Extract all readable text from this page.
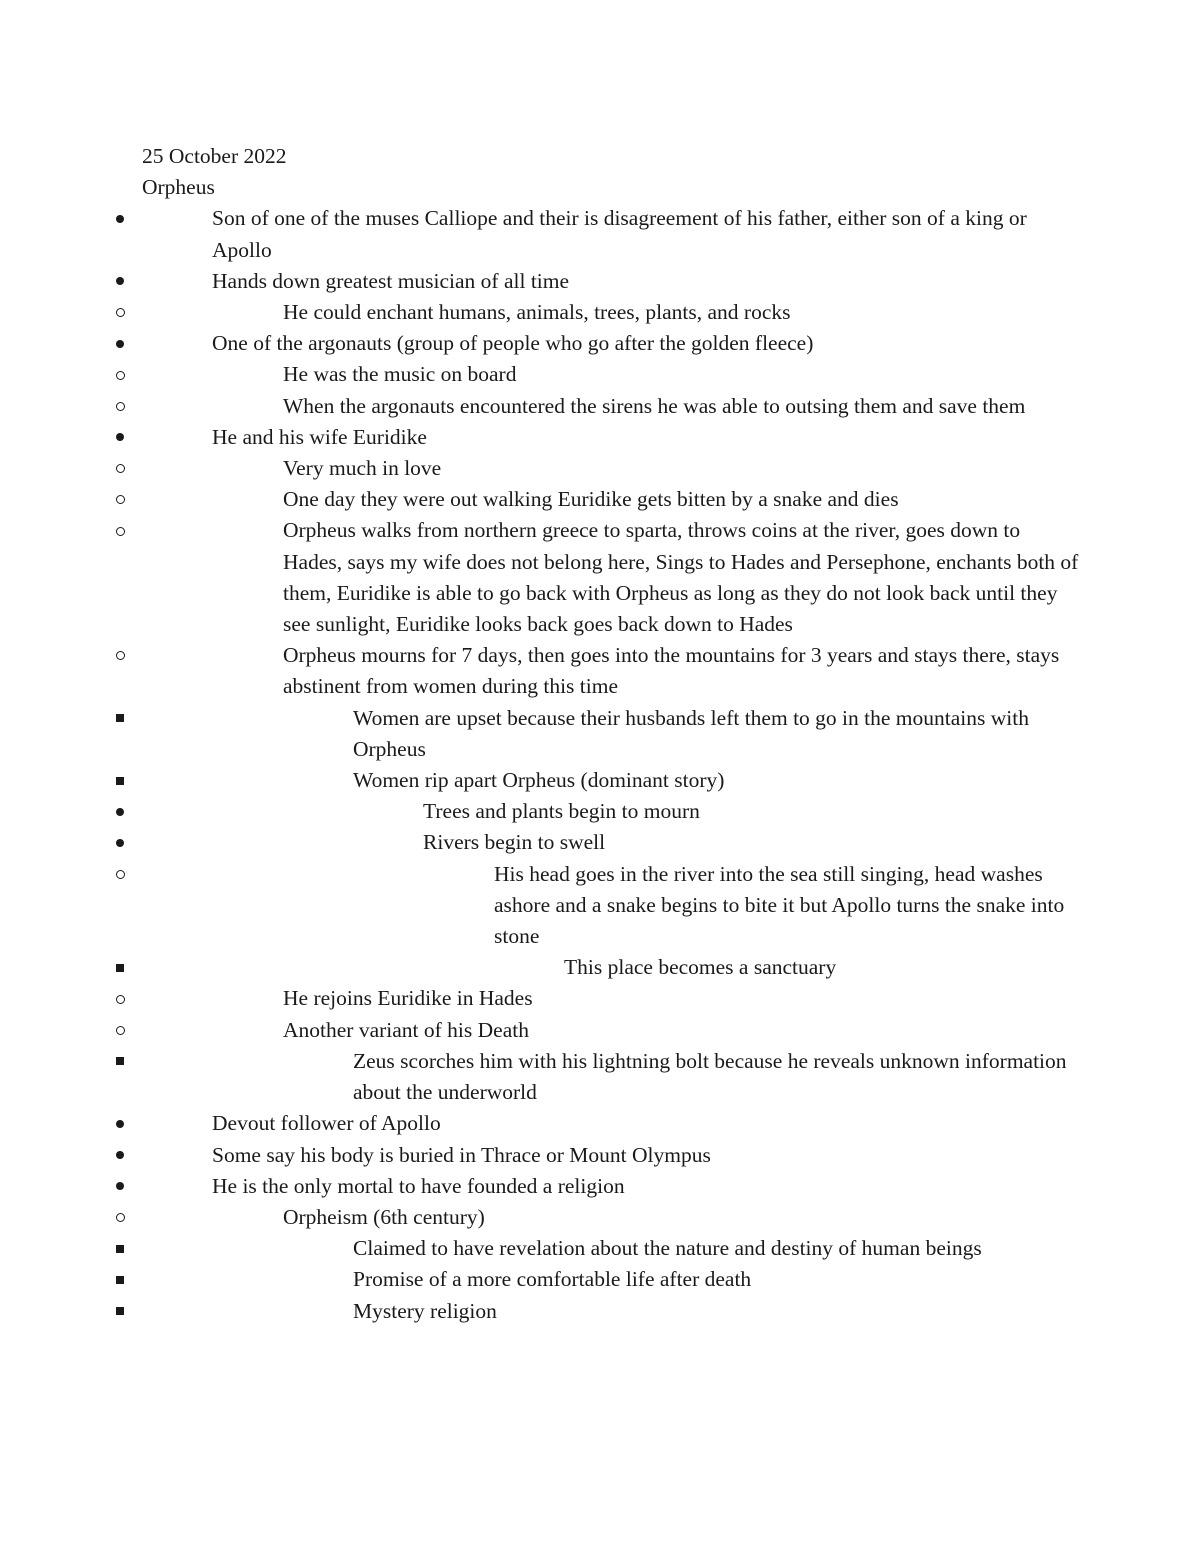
25 October 2022

Orpheus

Son of one of the muses Calliope and their is disagreement of his father, either son of a king or Apollo
Hands down greatest musician of all time
He could enchant humans, animals, trees, plants, and rocks
One of the argonauts (group of people who go after the golden fleece)
He was the music on board
When the argonauts encountered the sirens he was able to outsing them and save them
He and his wife Euridike
Very much in love
One day they were out walking Euridike gets bitten by a snake and dies
Orpheus walks from northern greece to sparta, throws coins at the river, goes down to Hades, says my wife does not belong here, Sings to Hades and Persephone, enchants both of them, Euridike is able to go back with Orpheus as long as they do not look back until they see sunlight, Euridike looks back goes back down to Hades
Orpheus mourns for 7 days, then goes into the mountains for 3 years and stays there, stays abstinent from women during this time
Women are upset because their husbands left them to go in the mountains with Orpheus
Women rip apart Orpheus (dominant story)
Trees and plants begin to mourn
Rivers begin to swell
His head goes in the river into the sea still singing, head washes ashore and a snake begins to bite it but Apollo turns the snake into stone
This place becomes a sanctuary
He rejoins Euridike in Hades
Another variant of his Death
Zeus scorches him with his lightning bolt because he reveals unknown information about the underworld
Devout follower of Apollo
Some say his body is buried in Thrace or Mount Olympus
He is the only mortal to have founded a religion
Orpheism (6th century)
Claimed to have revelation about the nature and destiny of human beings
Promise of a more comfortable life after death
Mystery religion
